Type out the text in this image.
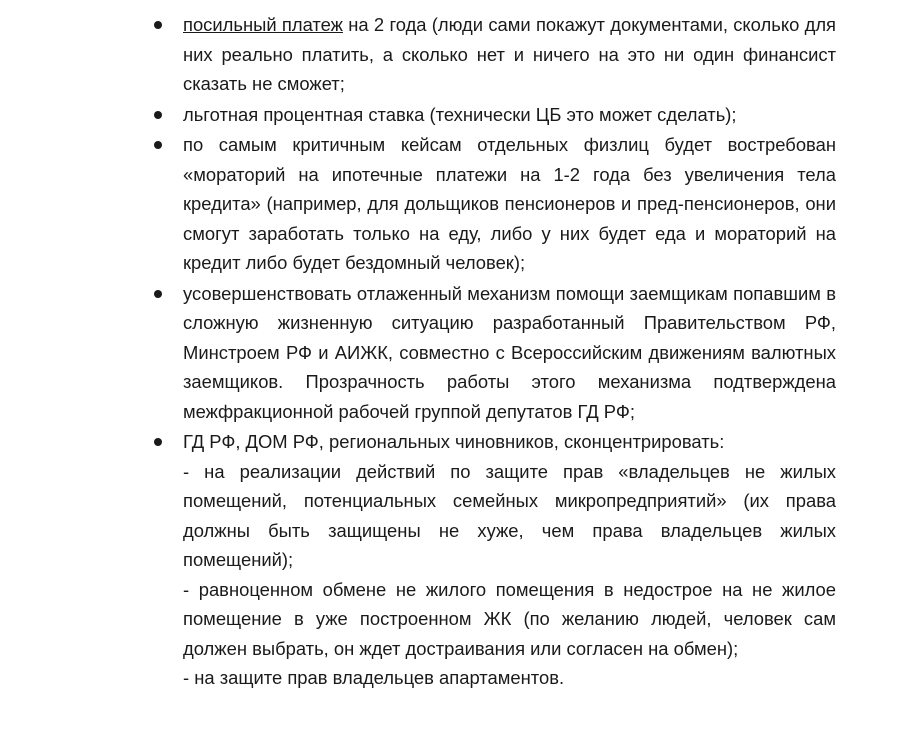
посильный платеж на 2 года (люди сами покажут документами, сколько для них реально платить, а сколько нет и ничего на это ни один финансист сказать не сможет;
льготная процентная ставка (технически ЦБ это может сделать);
по самым критичным кейсам отдельных физлиц будет востребован «мораторий на ипотечные платежи на 1-2 года без увеличения тела кредита» (например, для дольщиков пенсионеров и пред-пенсионеров, они смогут заработать только на еду, либо у них будет еда и мораторий на кредит либо будет бездомный человек);
усовершенствовать отлаженный механизм помощи заемщикам попавшим в сложную жизненную ситуацию разработанный Правительством РФ, Минстроем РФ и АИЖК, совместно с Всероссийским движениям валютных заемщиков. Прозрачность работы этого механизма подтверждена межфракционной рабочей группой депутатов ГД РФ;
ГД РФ, ДОМ РФ, региональных чиновников, сконцентрировать:
- на реализации действий по защите прав «владельцев не жилых помещений, потенциальных семейных микропредприятий» (их права должны быть защищены не хуже, чем права владельцев жилых помещений);
- равноценном обмене не жилого помещения в недострое на не жилое помещение в уже построенном ЖК (по желанию людей, человек сам должен выбрать, он ждет достраивания или согласен на обмен);
- на защите прав владельцев апартаментов.
